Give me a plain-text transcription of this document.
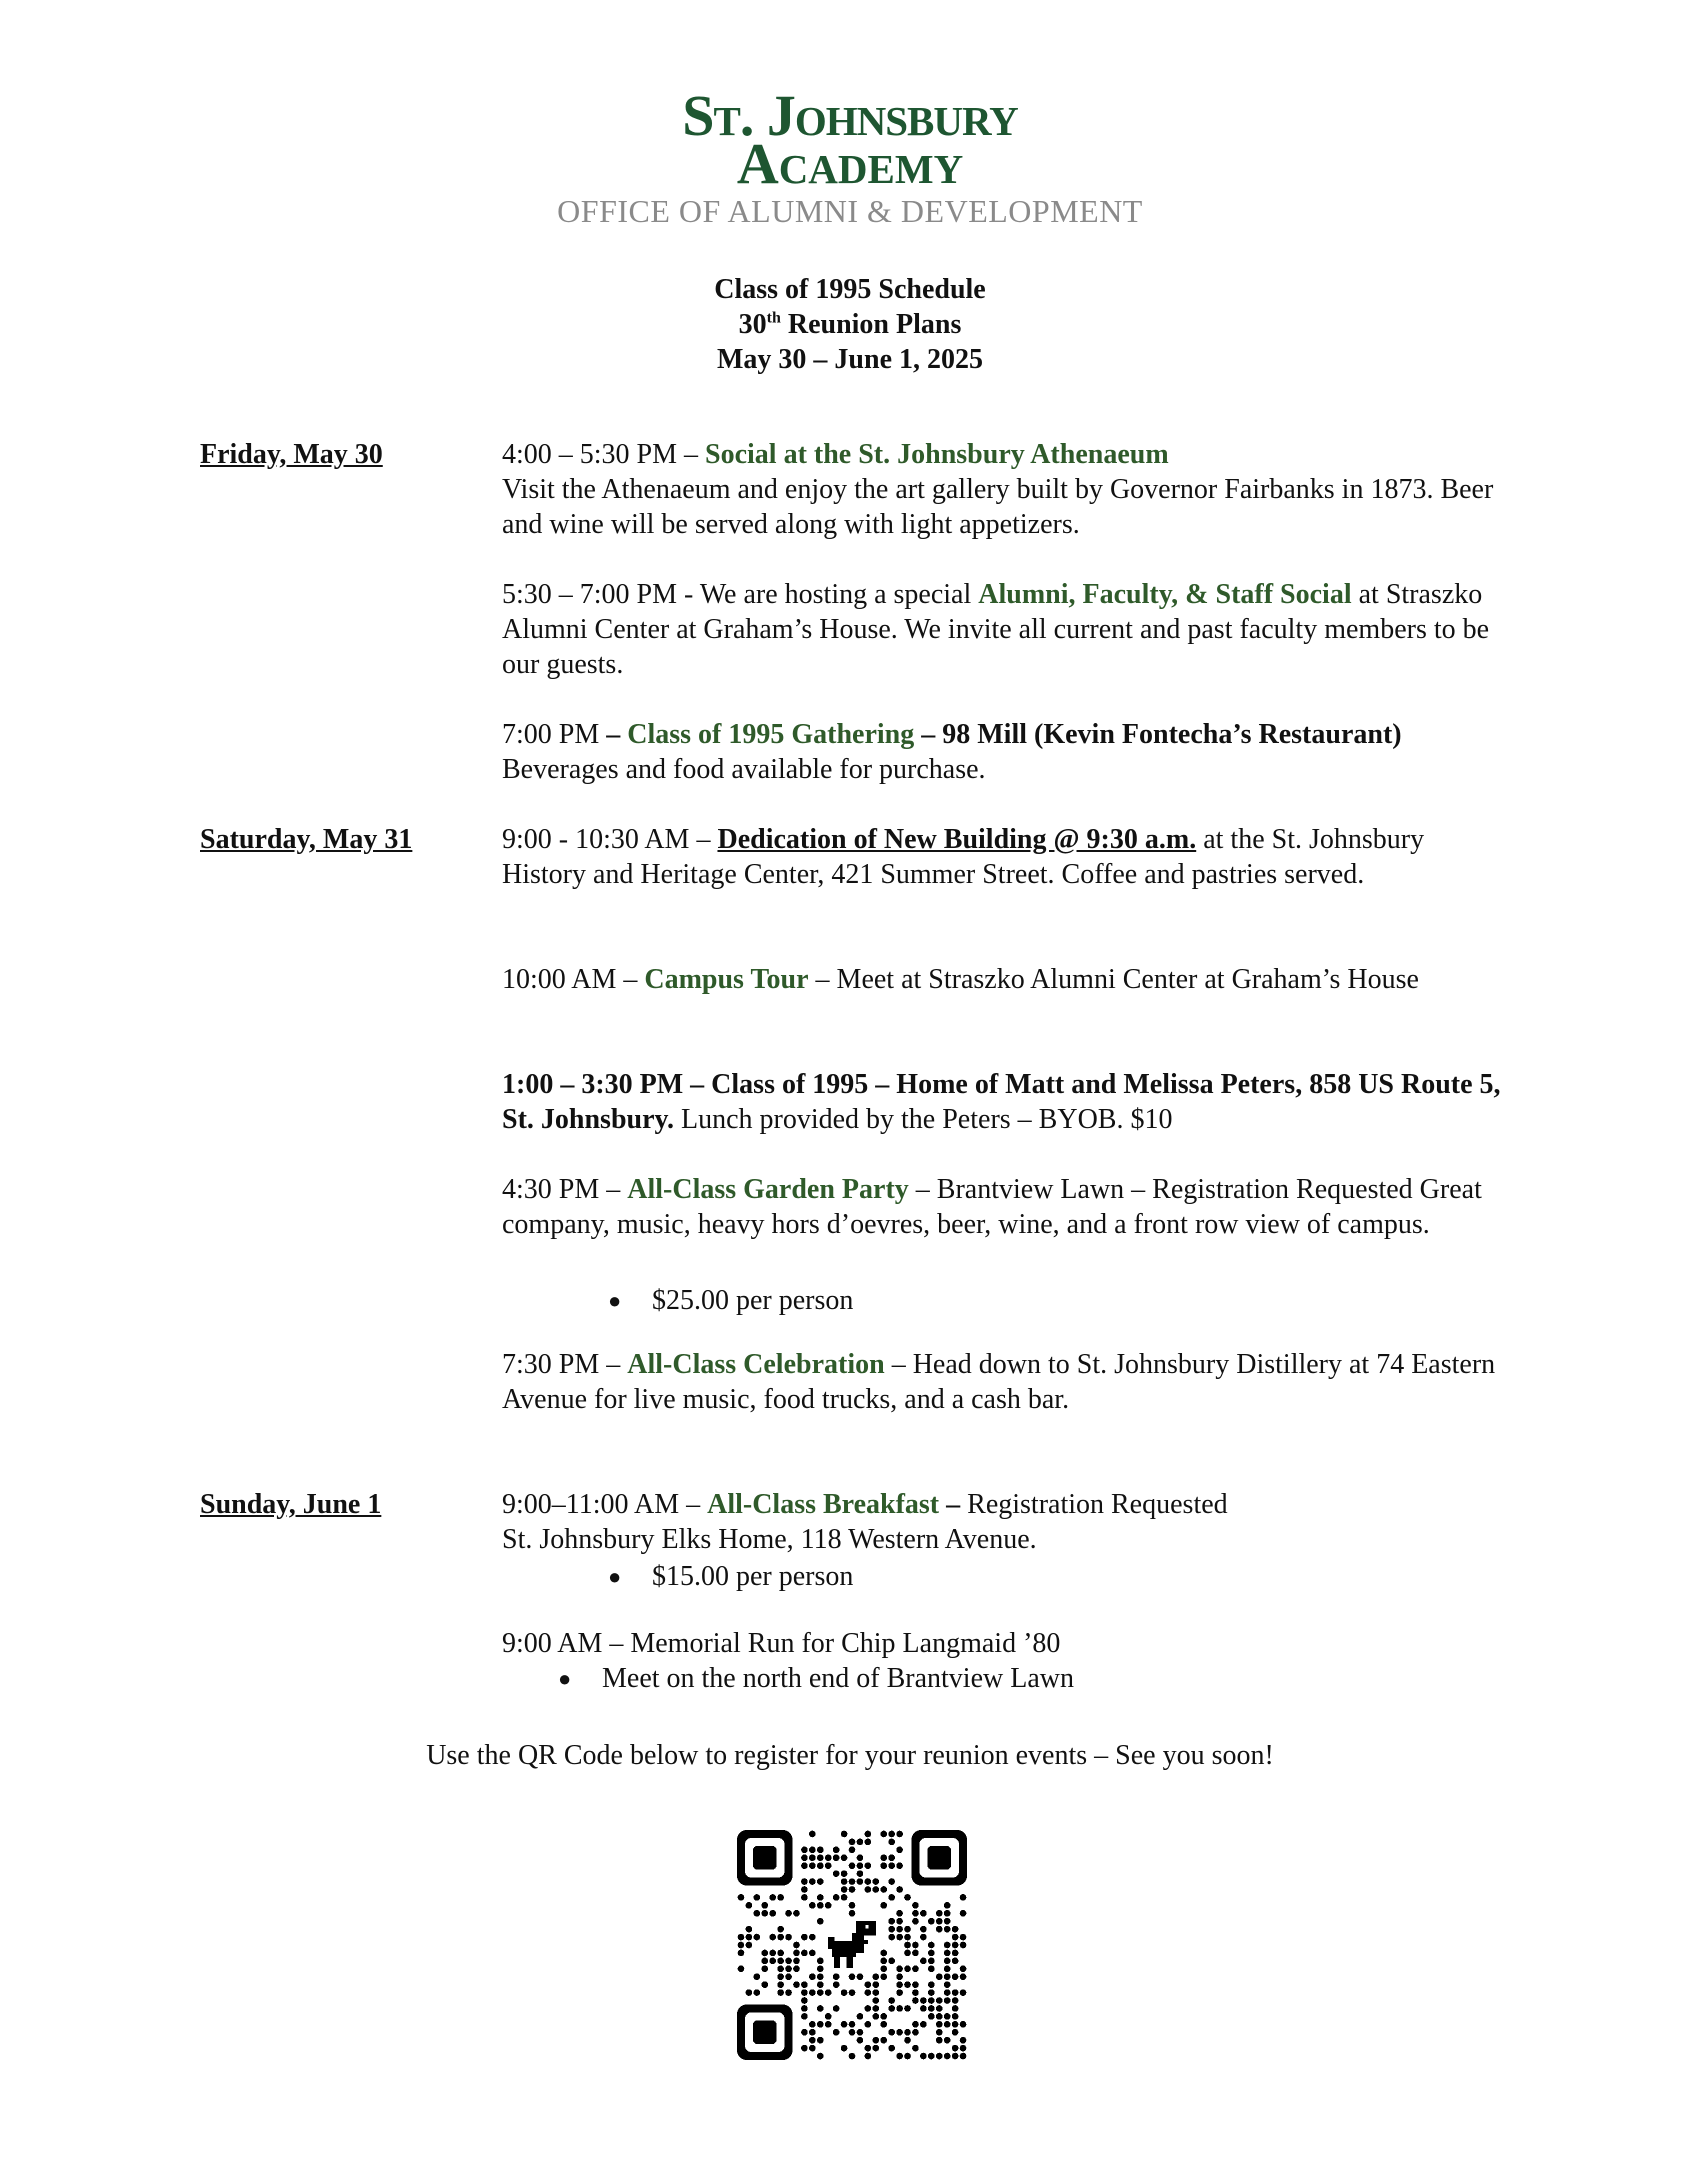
St. Johnsbury
Academy
OFFICE OF ALUMNI & DEVELOPMENT
Class of 1995 Schedule
30th Reunion Plans
May 30 – June 1, 2025
Friday, May 30	4:00 – 5:30 PM – Social at the St. Johnsbury Athenaeum
Visit the Athenaeum and enjoy the art gallery built by Governor Fairbanks in 1873. Beer and wine will be served along with light appetizers.
5:30 – 7:00 PM - We are hosting a special Alumni, Faculty, & Staff Social at Straszko Alumni Center at Graham’s House. We invite all current and past faculty members to be our guests.
7:00 PM – Class of 1995 Gathering – 98 Mill (Kevin Fontecha’s Restaurant)
Beverages and food available for purchase.
Saturday, May 31	9:00 - 10:30 AM – Dedication of New Building @ 9:30 a.m. at the St. Johnsbury History and Heritage Center, 421 Summer Street. Coffee and pastries served.
10:00 AM – Campus Tour – Meet at Straszko Alumni Center at Graham’s House
1:00 – 3:30 PM – Class of 1995 – Home of Matt and Melissa Peters, 858 US Route 5, St. Johnsbury. Lunch provided by the Peters – BYOB. $10
4:30 PM – All-Class Garden Party – Brantview Lawn – Registration Requested Great company, music, heavy hors d’oevres, beer, wine, and a front row view of campus.
● $25.00 per person
7:30 PM – All-Class Celebration – Head down to St. Johnsbury Distillery at 74 Eastern Avenue for live music, food trucks, and a cash bar.
Sunday, June 1	9:00–11:00 AM – All-Class Breakfast – Registration Requested
St. Johnsbury Elks Home, 118 Western Avenue.
● $15.00 per person
9:00 AM – Memorial Run for Chip Langmaid ’80
● Meet on the north end of Brantview Lawn
Use the QR Code below to register for your reunion events – See you soon!
